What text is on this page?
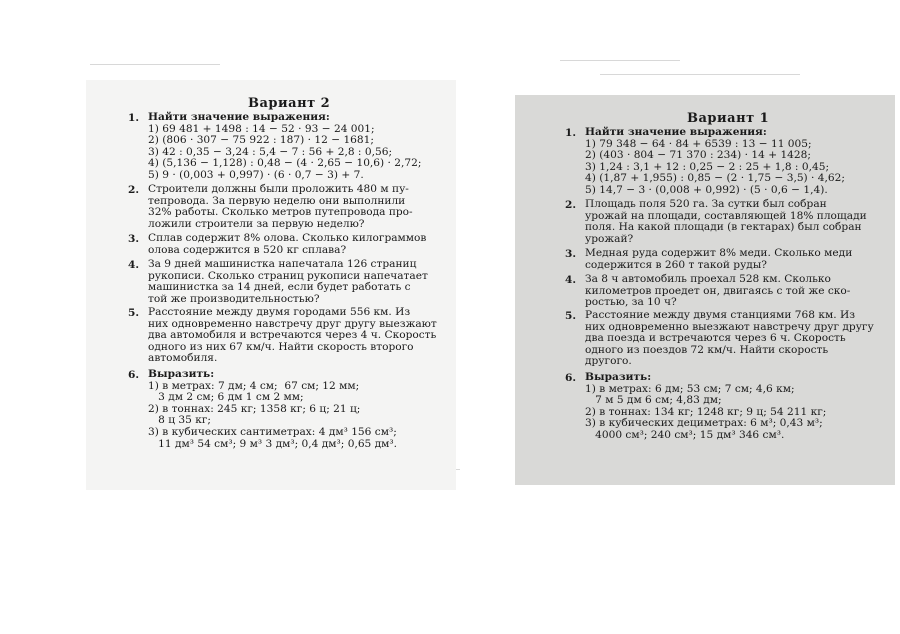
Вариант 2
1. Найти значение выражения:
1) 69 481 + 1498 : 14 − 52 · 93 − 24 001;
2) (806 · 307 − 75 922 : 187) · 12 − 1681;
3) 42 : 0,35 − 3,24 : 5,4 − 7 : 56 + 2,8 : 0,56;
4) (5,136 − 1,128) : 0,48 − (4 · 2,65 − 10,6) · 2,72;
5) 9 · (0,003 + 0,997) · (6 · 0,7 − 3) + 7.
2. Строители должны были проложить 480 м пу-
тепровода. За первую неделю они выполнили
32% работы. Сколько метров путепровода про-
ложили строители за первую неделю?
3. Сплав содержит 8% олова. Сколько килограммов
олова содержится в 520 кг сплава?
4. За 9 дней машинистка напечатала 126 страниц
рукописи. Сколько страниц рукописи напечатает
машинистка за 14 дней, если будет работать с
той же производительностью?
5. Расстояние между двумя городами 556 км. Из
них одновременно навстречу друг другу выезжают
два автомобиля и встречаются через 4 ч. Скорость
одного из них 67 км/ч. Найти скорость второго
автомобиля.
6. Выразить:
1) в метрах: 7 дм; 4 см;  67 см; 12 мм;
3 дм 2 см; 6 дм 1 см 2 мм;
2) в тоннах: 245 кг; 1358 кг; 6 ц; 21 ц;
8 ц 35 кг;
3) в кубических сантиметрах: 4 дм³ 156 см³;
11 дм³ 54 см³; 9 м³ 3 дм³; 0,4 дм³; 0,65 дм³.
Вариант 1
1. Найти значение выражения:
1) 79 348 − 64 · 84 + 6539 : 13 − 11 005;
2) (403 · 804 − 71 370 : 234) · 14 + 1428;
3) 1,24 : 3,1 + 12 : 0,25 − 2 : 25 + 1,8 : 0,45;
4) (1,87 + 1,955) : 0,85 − (2 · 1,75 − 3,5) · 4,62;
5) 14,7 − 3 · (0,008 + 0,992) · (5 · 0,6 − 1,4).
2. Площадь поля 520 га. За сутки был собран
урожай на площади, составляющей 18% площади
поля. На какой площади (в гектарах) был собран
урожай?
3. Медная руда содержит 8% меди. Сколько меди
содержится в 260 т такой руды?
4. За 8 ч автомобиль проехал 528 км. Сколько
километров проедет он, двигаясь с той же ско-
ростью, за 10 ч?
5. Расстояние между двумя станциями 768 км. Из
них одновременно выезжают навстречу друг другу
два поезда и встречаются через 6 ч. Скорость
одного из поездов 72 км/ч. Найти скорость
другого.
6. Выразить:
1) в метрах: 6 дм; 53 см; 7 см; 4,6 км;
7 м 5 дм 6 см; 4,83 дм;
2) в тоннах: 134 кг; 1248 кг; 9 ц; 54 211 кг;
3) в кубических дециметрах: 6 м³; 0,43 м³;
4000 см³; 240 см³; 15 дм³ 346 см³.
